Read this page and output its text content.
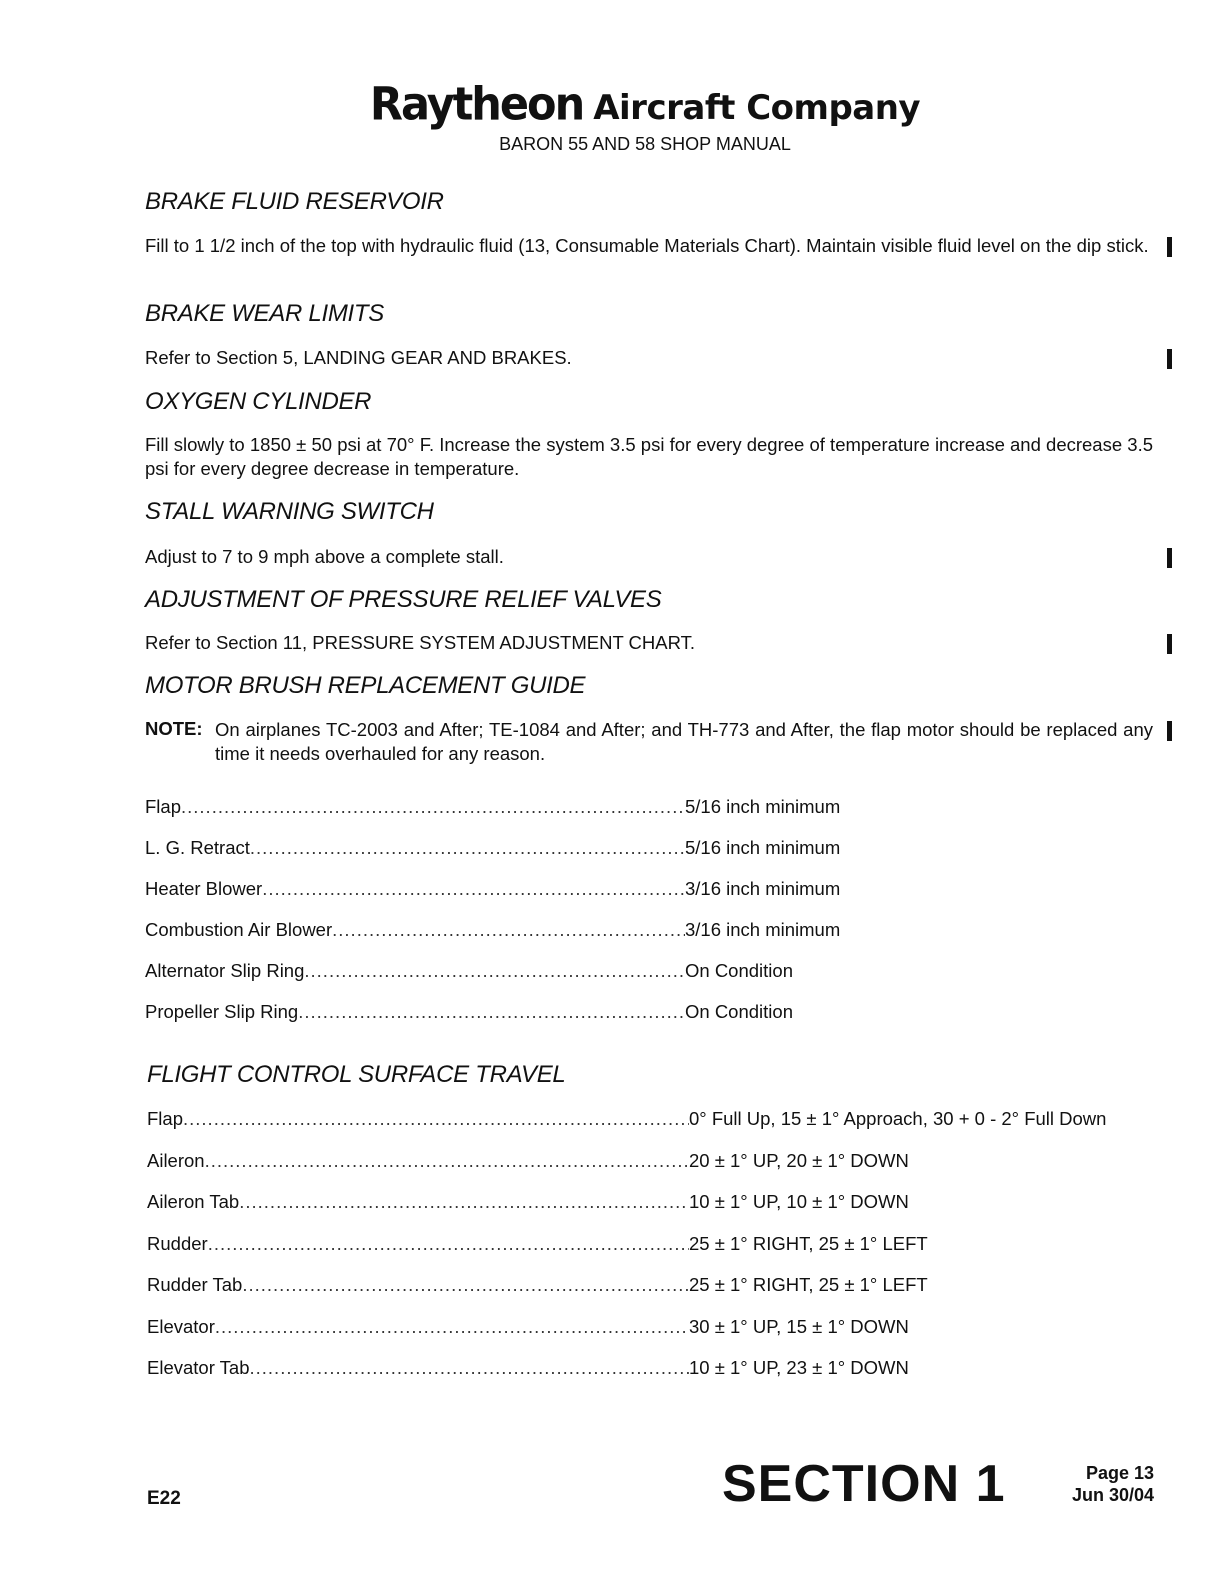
Raytheon Aircraft Company
BARON 55 AND 58 SHOP MANUAL
BRAKE FLUID RESERVOIR
Fill to 1 1/2 inch of the top with hydraulic fluid (13, Consumable Materials Chart). Maintain visible fluid level on the dip stick.
BRAKE WEAR LIMITS
Refer to Section 5, LANDING GEAR AND BRAKES.
OXYGEN CYLINDER
Fill slowly to 1850 ± 50 psi at 70° F. Increase the system 3.5 psi for every degree of temperature increase and decrease 3.5 psi for every degree decrease in temperature.
STALL WARNING SWITCH
Adjust to 7 to 9 mph above a complete stall.
ADJUSTMENT OF PRESSURE RELIEF VALVES
Refer to Section 11, PRESSURE SYSTEM ADJUSTMENT CHART.
MOTOR BRUSH REPLACEMENT GUIDE
NOTE: On airplanes TC-2003 and After; TE-1084 and After; and TH-773 and After, the flap motor should be replaced any time it needs overhauled for any reason.
Flap .....	5/16 inch minimum
L. G. Retract .....	5/16 inch minimum
Heater Blower .....	3/16 inch minimum
Combustion Air Blower .....	3/16 inch minimum
Alternator Slip Ring .....	On Condition
Propeller Slip Ring .....	On Condition
FLIGHT CONTROL SURFACE TRAVEL
Flap .....	0° Full Up, 15 ± 1° Approach, 30 + 0 - 2° Full Down
Aileron .....	20 ± 1° UP, 20 ± 1° DOWN
Aileron Tab .....	10 ± 1° UP, 10 ± 1° DOWN
Rudder .....	25 ± 1° RIGHT, 25 ± 1° LEFT
Rudder Tab .....	25 ± 1° RIGHT, 25 ± 1° LEFT
Elevator .....	30 ± 1° UP, 15 ± 1° DOWN
Elevator Tab .....	10 ± 1° UP, 23 ± 1° DOWN
E22	SECTION 1	Page 13
Jun 30/04
